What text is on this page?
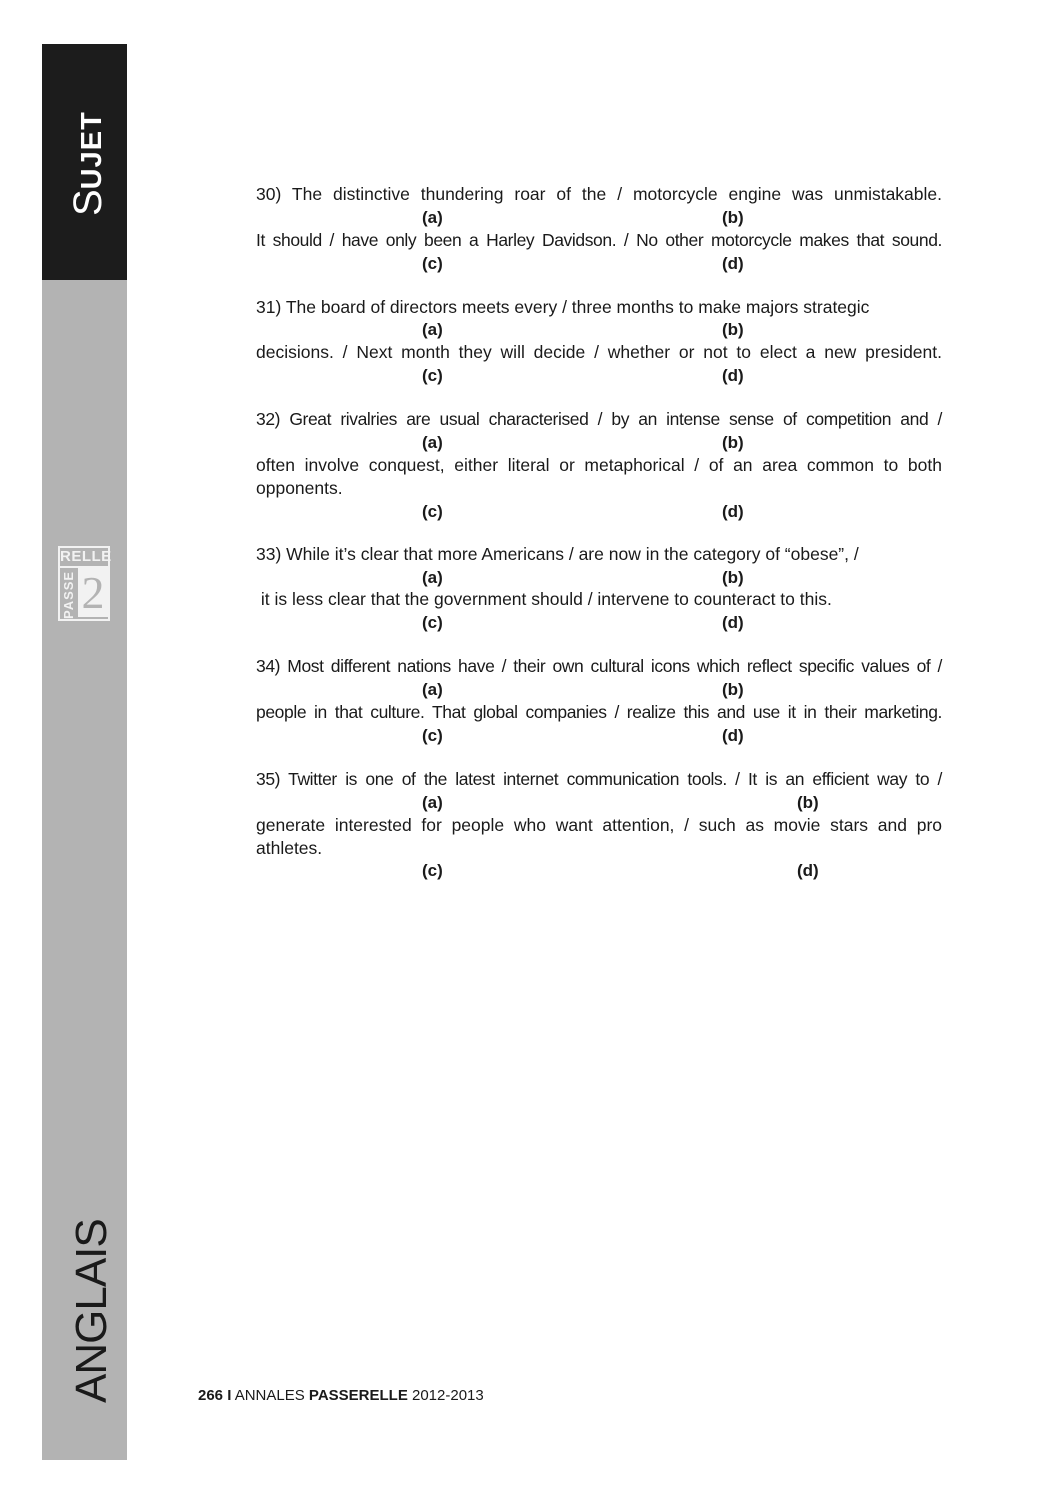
SUJET
RELLE
PASSE 2
ANGLAIS
30) The distinctive thundering roar of the / motorcycle engine was unmistakable.
(a)	(b)
It should / have only been a Harley Davidson. / No other motorcycle makes that sound.
(c)	(d)
31) The board of directors meets every / three months to make majors strategic
(a)	(b)
decisions. / Next month they will decide / whether or not to elect a new president.
(c)	(d)
32) Great rivalries are usual characterised / by an intense sense of competition and /
(a)	(b)
often involve conquest, either literal or metaphorical / of an area common to both
opponents.
(c)	(d)
33) While it’s clear that more Americans / are now in the category of “obese”, /
(a)	(b)
it is less clear that the government should / intervene to counteract to this.
(c)	(d)
34) Most different nations have / their own cultural icons which reflect specific values of /
(a)	(b)
people in that culture. That global companies / realize this and use it in their marketing.
(c)	(d)
35) Twitter is one of the latest internet communication tools. / It is an efficient way to /
(a)	(b)
generate interested for people who want attention, / such as movie stars and pro
athletes.
(c)	(d)
266 I ANNALES PASSERELLE 2012-2013
